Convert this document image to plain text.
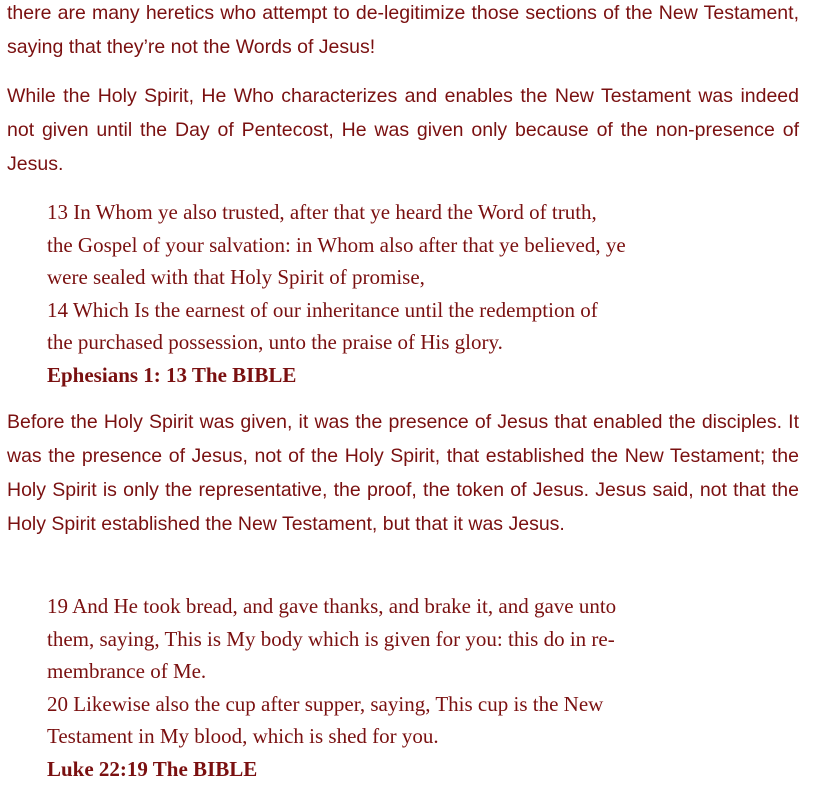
there are many heretics who attempt to de-legitimize those sections of the New Testament, saying that they’re not the Words of Jesus!

While the Holy Spirit, He Who characterizes and enables the New Testament was indeed not given until the Day of Pentecost, He was given only because of the non-presence of Jesus.

13 In Whom ye also trusted, after that ye heard the Word of truth,
the Gospel of your salvation: in Whom also after that ye believed, ye
were sealed with that Holy Spirit of promise,
14 Which Is the earnest of our inheritance until the redemption of
the purchased possession, unto the praise of His glory.
Ephesians 1: 13 The BIBLE

Before the Holy Spirit was given, it was the presence of Jesus that enabled the disciples. It was the presence of Jesus, not of the Holy Spirit, that established the New Testament; the Holy Spirit is only the representative, the proof, the token of Jesus. Jesus said, not that the Holy Spirit established the New Testament, but that it was Jesus.

19 And He took bread, and gave thanks, and brake it, and gave unto
them, saying, This is My body which is given for you: this do in re-
membrance of Me.
20 Likewise also the cup after supper, saying, This cup is the New
Testament in My blood, which is shed for you.
Luke 22:19 The BIBLE
